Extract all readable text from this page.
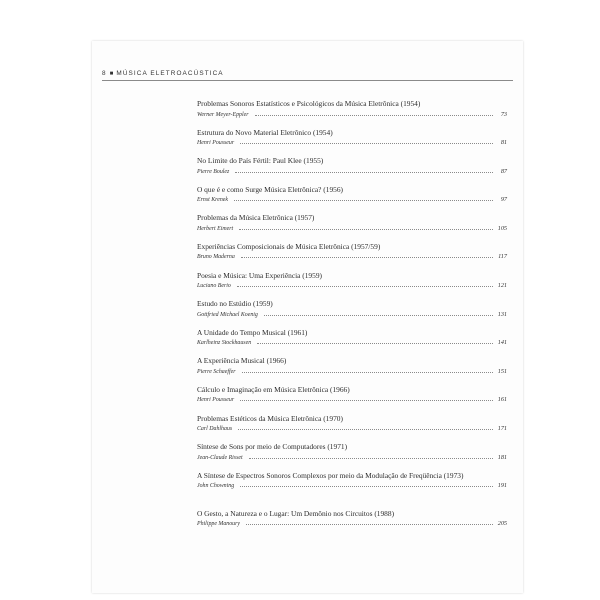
8 ■ MÚSICA ELETROACÚSTICA
Problemas Sonoros Estatísticos e Psicológicos da Música Eletrônica (1954)
Werner Meyer-Eppler	73
Estrutura do Novo Material Eletrônico (1954)
Henri Pousseur	81
No Limite do País Fértil: Paul Klee (1955)
Pierre Boulez	87
O que é e como Surge Música Eletrônica? (1956)
Ernst Krenek	97
Problemas da Música Eletrônica (1957)
Herbert Eimert	105
Experiências Composicionais de Música Eletrônica (1957/59)
Bruno Maderna	117
Poesia e Música: Uma Experiência (1959)
Luciano Berio	121
Estudo no Estúdio (1959)
Gottfried Michael Koenig	131
A Unidade do Tempo Musical (1961)
Karlheinz Stockhausen	141
A Experiência Musical (1966)
Pierre Schaeffer	151
Cálculo e Imaginação em Música Eletrônica (1966)
Henri Pousseur	161
Problemas Estéticos da Música Eletrônica (1970)
Carl Dahlhaus	171
Síntese de Sons por meio de Computadores (1971)
Jean-Claude Risset	181
A Síntese de Espectros Sonoros Complexos por meio da Modulação de Freqüência (1973)
John Chowning	191
O Gesto, a Natureza e o Lugar: Um Demônio nos Circuitos (1988)
Philippe Manoury	205
